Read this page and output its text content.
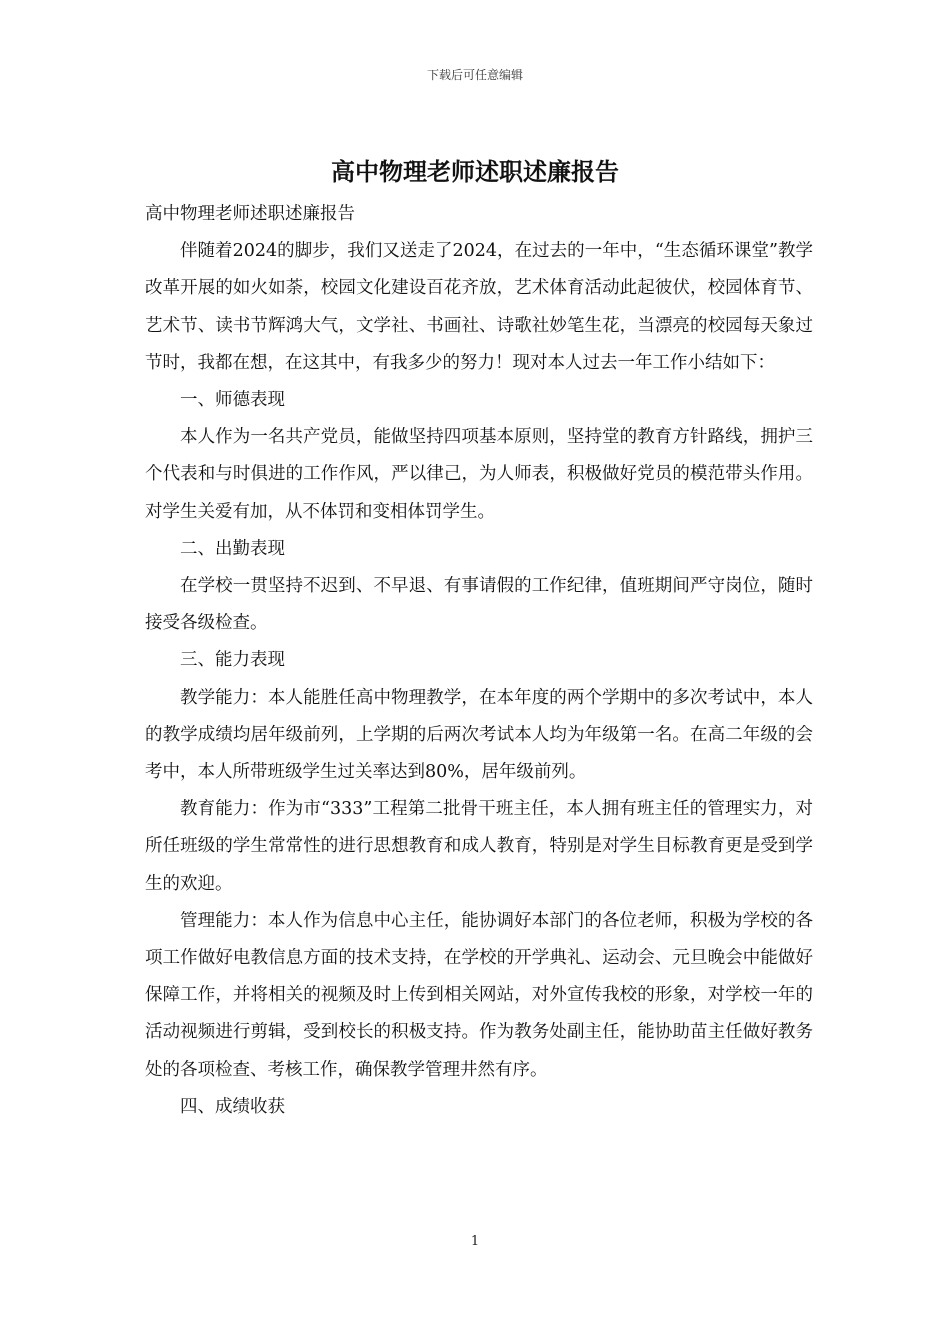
下载后可任意编辑
高中物理老师述职述廉报告

高中物理老师述职述廉报告

伴随着2024的脚步，我们又送走了2024，在过去的一年中，“生态循环课堂”教学改革开展的如火如荼，校园文化建设百花齐放，艺术体育活动此起彼伏，校园体育节、艺术节、读书节辉鸿大气，文学社、书画社、诗歌社妙笔生花，当漂亮的校园每天象过节时，我都在想，在这其中，有我多少的努力！现对本人过去一年工作小结如下：

一、师德表现

本人作为一名共产党员，能做坚持四项基本原则，坚持堂的教育方针路线，拥护三个代表和与时俱进的工作作风，严以律己，为人师表，积极做好党员的模范带头作用。对学生关爱有加，从不体罚和变相体罚学生。

二、出勤表现

在学校一贯坚持不迟到、不早退、有事请假的工作纪律，值班期间严守岗位，随时接受各级检查。

三、能力表现

教学能力：本人能胜任高中物理教学，在本年度的两个学期中的多次考试中，本人的教学成绩均居年级前列，上学期的后两次考试本人均为年级第一名。在高二年级的会考中，本人所带班级学生过关率达到80%，居年级前列。

教育能力：作为市“333”工程第二批骨干班主任，本人拥有班主任的管理实力，对所任班级的学生常常性的进行思想教育和成人教育，特别是对学生目标教育更是受到学生的欢迎。

管理能力：本人作为信息中心主任，能协调好本部门的各位老师，积极为学校的各项工作做好电教信息方面的技术支持，在学校的开学典礼、运动会、元旦晚会中能做好保障工作，并将相关的视频及时上传到相关网站，对外宣传我校的形象，对学校一年的活动视频进行剪辑，受到校长的积极支持。作为教务处副主任，能协助苗主任做好教务处的各项检查、考核工作，确保教学管理井然有序。

四、成绩收获

1
